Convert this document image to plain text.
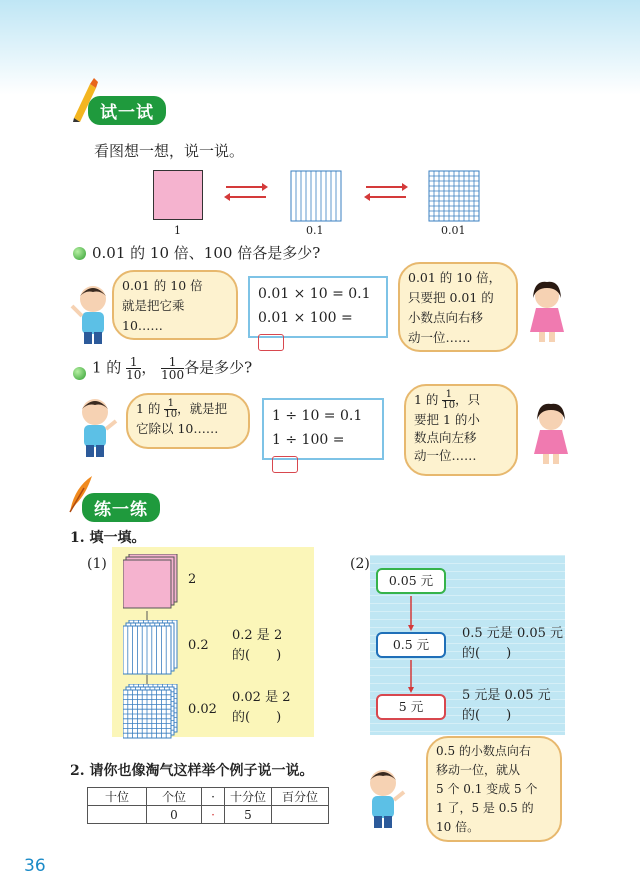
试一试
看图想一想，说一说。
1	0.1	0.01
0.01 的 10 倍、100 倍各是多少?
0.01 的 10 倍
就是把它乘
10……
0.01 × 10 = 0.1
0.01 × 100 =
0.01 的 10 倍，
只要把 0.01 的
小数点向右移
动一位……
1 的 $\frac{1}{10}$ ， $\frac{1}{100}$ 各是多少?
1 的 $\frac{1}{10}$ ，就是把
它除以 10……
1 ÷ 10 = 0.1
1 ÷ 100 =
1 的 $\frac{1}{10}$ ，只
要把 1 的小
数点向左移
动一位……
练一练
1. 填一填。
(1)
2
0.2
0.02
0.2 是 2
的(　　)
0.02 是 2
的(　　)
(2)
0.05 元
0.5 元
5 元
0.5 元是 0.05 元
的(　　)
5 元是 0.05 元
的(　　)
2. 请你也像淘气这样举个例子说一说。
十位	个位	·	十分位	百分位
	0	·	5	
0.5 的小数点向右
移动一位，就从
5 个 0.1 变成 5 个
1 了，5 是 0.5 的
10 倍。
36
